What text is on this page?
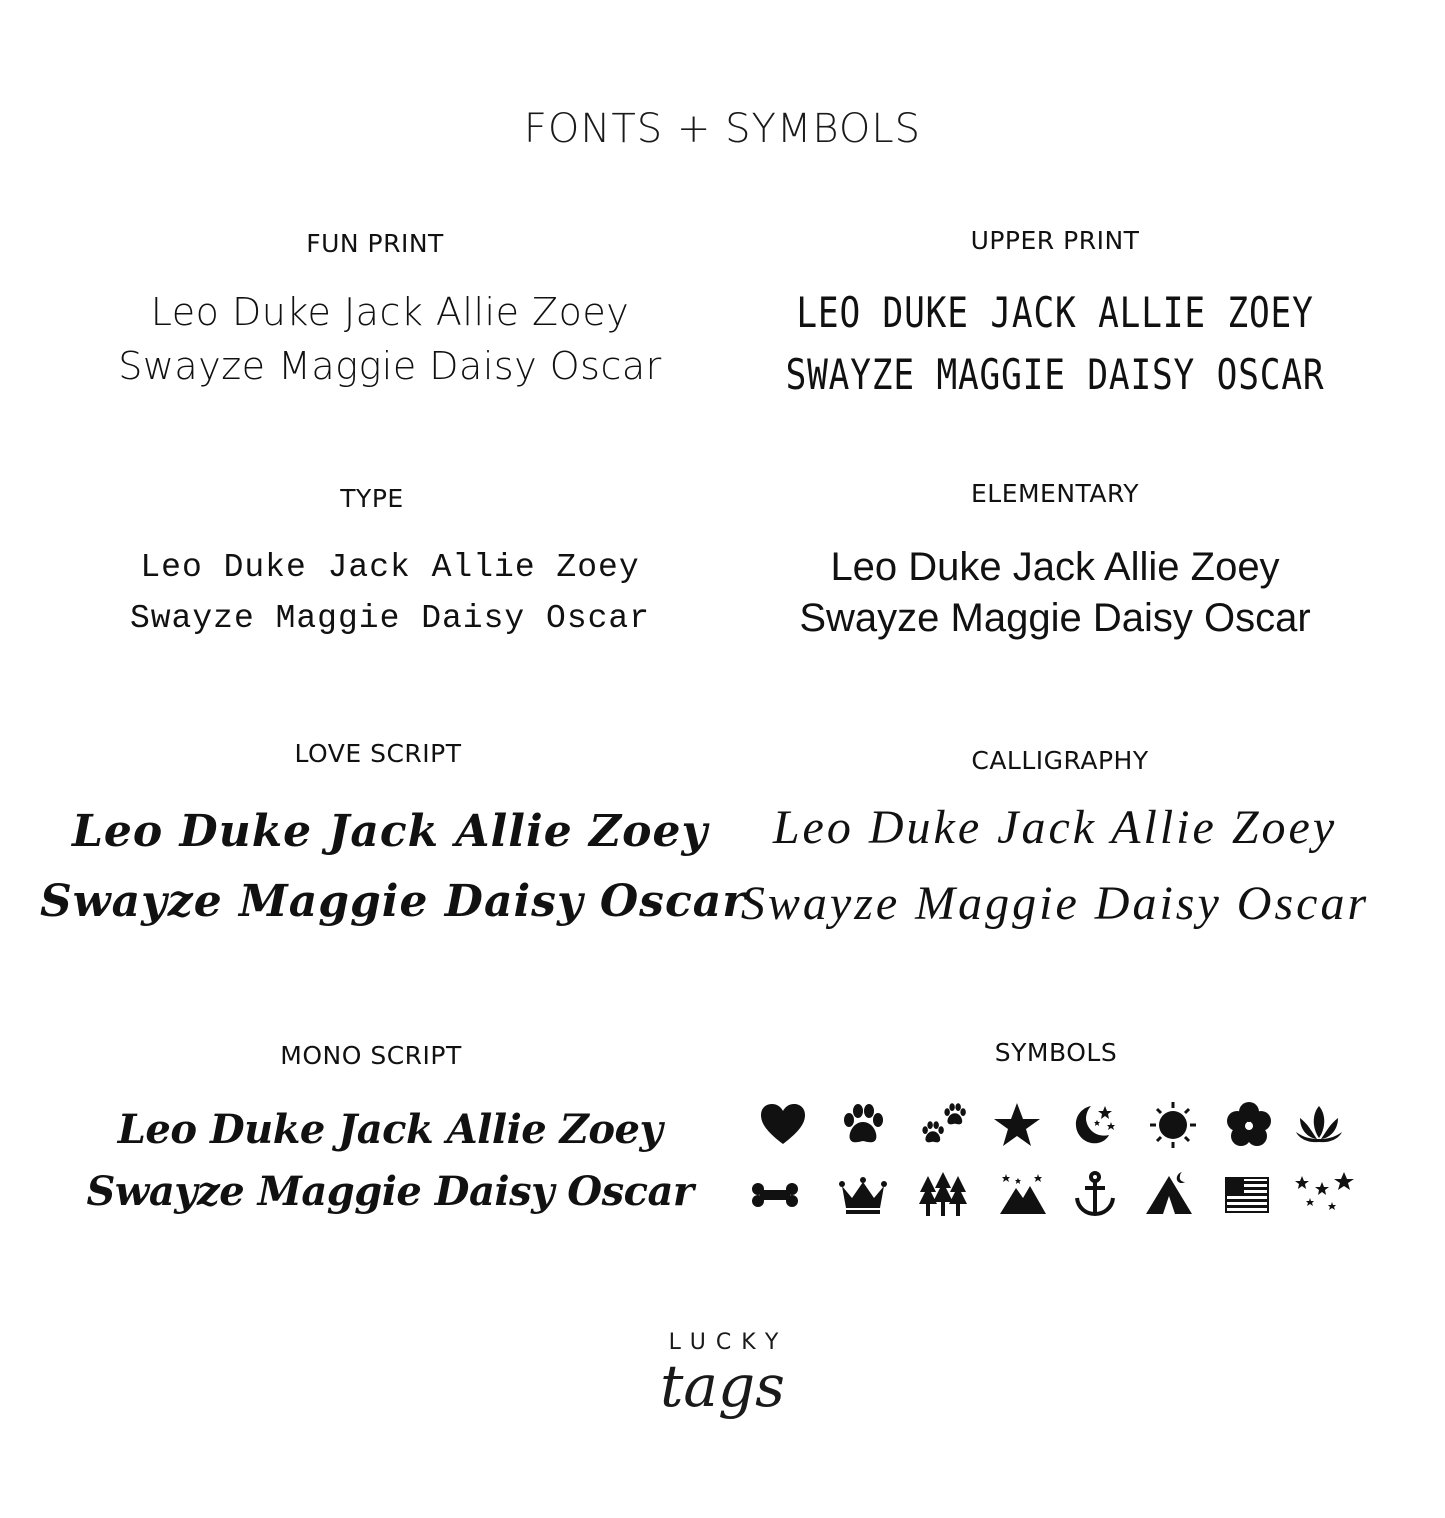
FONTS + SYMBOLS
FUN PRINT
Leo Duke Jack Allie Zoey
Swayze Maggie Daisy Oscar
UPPER PRINT
LEO DUKE JACK ALLIE ZOEY
SWAYZE MAGGIE DAISY OSCAR
TYPE
Leo Duke Jack Allie Zoey
Swayze Maggie Daisy Oscar
ELEMENTARY
Leo Duke Jack Allie Zoey
Swayze Maggie Daisy Oscar
LOVE SCRIPT
Leo Duke Jack Allie Zoey
Swayze Maggie Daisy Oscar
CALLIGRAPHY
Leo Duke Jack Allie Zoey
Swayze Maggie Daisy Oscar
MONO SCRIPT
Leo Duke Jack Allie Zoey
Swayze Maggie Daisy Oscar
SYMBOLS
LUCKY
tags
